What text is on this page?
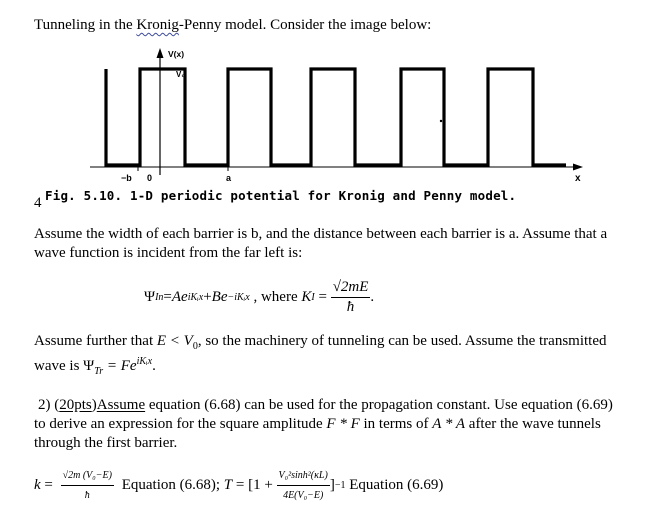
Tunneling in the Kronig-Penny model. Consider the image below:
V(x)
V₀
x
−b 0	a
4 Fig. 5.10. 1-D periodic potential for Kronig and Penny model.
Assume the width of each barrier is b, and the distance between each barrier is a. Assume that a
wave function is incident from the far left is:
Ψ In = Ae iKᵢx + Be −iKᵢx , where K $I = \frac{√2mE}{ħ}$ .
Assume further that $E < V_0$, so the machinery of tunneling can be used. Assume the transmitted
wave is $\Psi_{Tr} = Fe^{iKᵢx}$.
2) (20pts)Assume equation (6.68) can be used for the propagation constant. Use equation (6.69)
to derive an expression for the square amplitude F * F in terms of A * A after the wave tunnels
through the first barrier.
$k = \frac{\text{√2m (V₀−E)}}{ħ}$ Equation (6.68); $T = [1 + \frac{\text{V₀²sinh²(κL)}}{\text{4E(V₀−E)}}$ ] −1 Equation (6.69)
